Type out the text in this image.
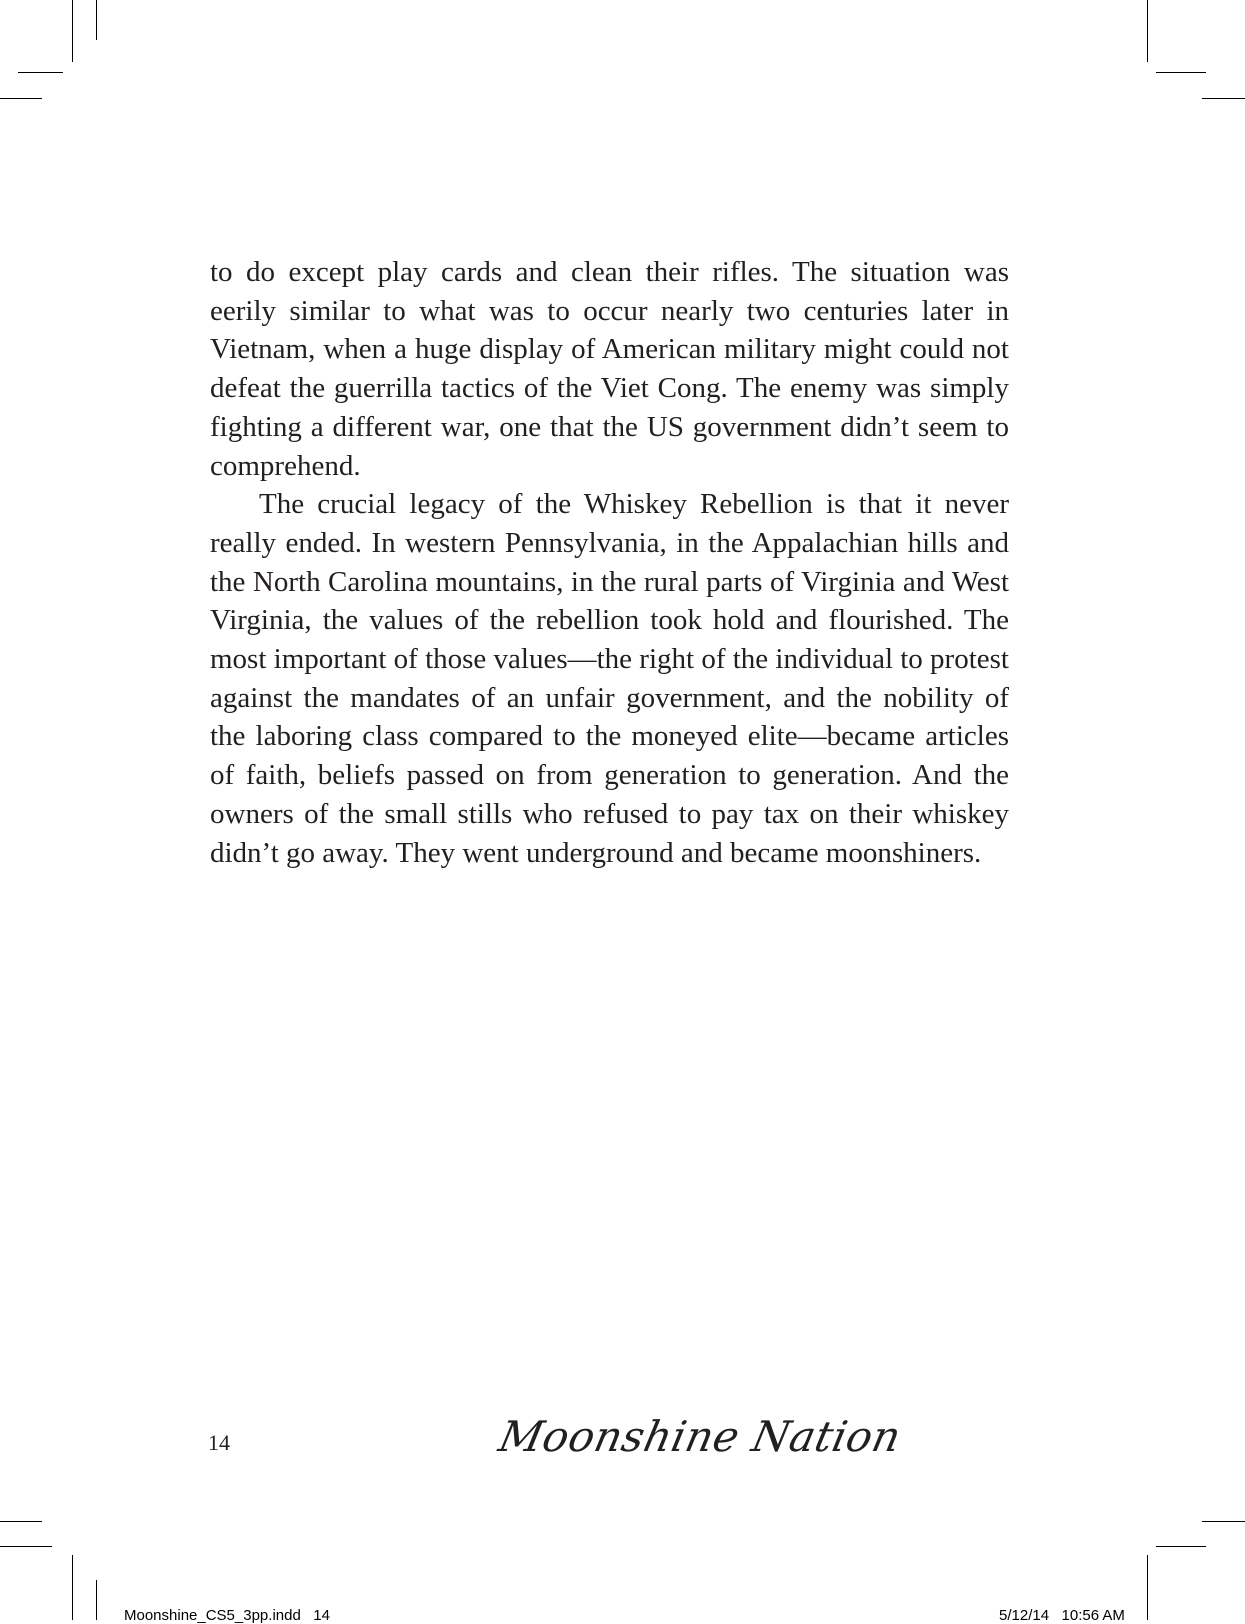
to do except play cards and clean their rifles. The situation was eerily similar to what was to occur nearly two centuries later in Vietnam, when a huge display of American military might could not defeat the guerrilla tactics of the Viet Cong. The enemy was simply fighting a different war, one that the US government didn’t seem to comprehend.

The crucial legacy of the Whiskey Rebellion is that it never really ended. In western Pennsylvania, in the Appalachian hills and the North Carolina mountains, in the rural parts of Virginia and West Virginia, the values of the rebellion took hold and flourished. The most important of those values—the right of the individual to protest against the mandates of an unfair government, and the nobility of the laboring class compared to the moneyed elite—became articles of faith, beliefs passed on from generation to generation. And the owners of the small stills who refused to pay tax on their whiskey didn’t go away. They went underground and became moonshiners.

14	Moonshine Nation
Moonshine_CS5_3pp.indd   14	5/12/14   10:56 AM
